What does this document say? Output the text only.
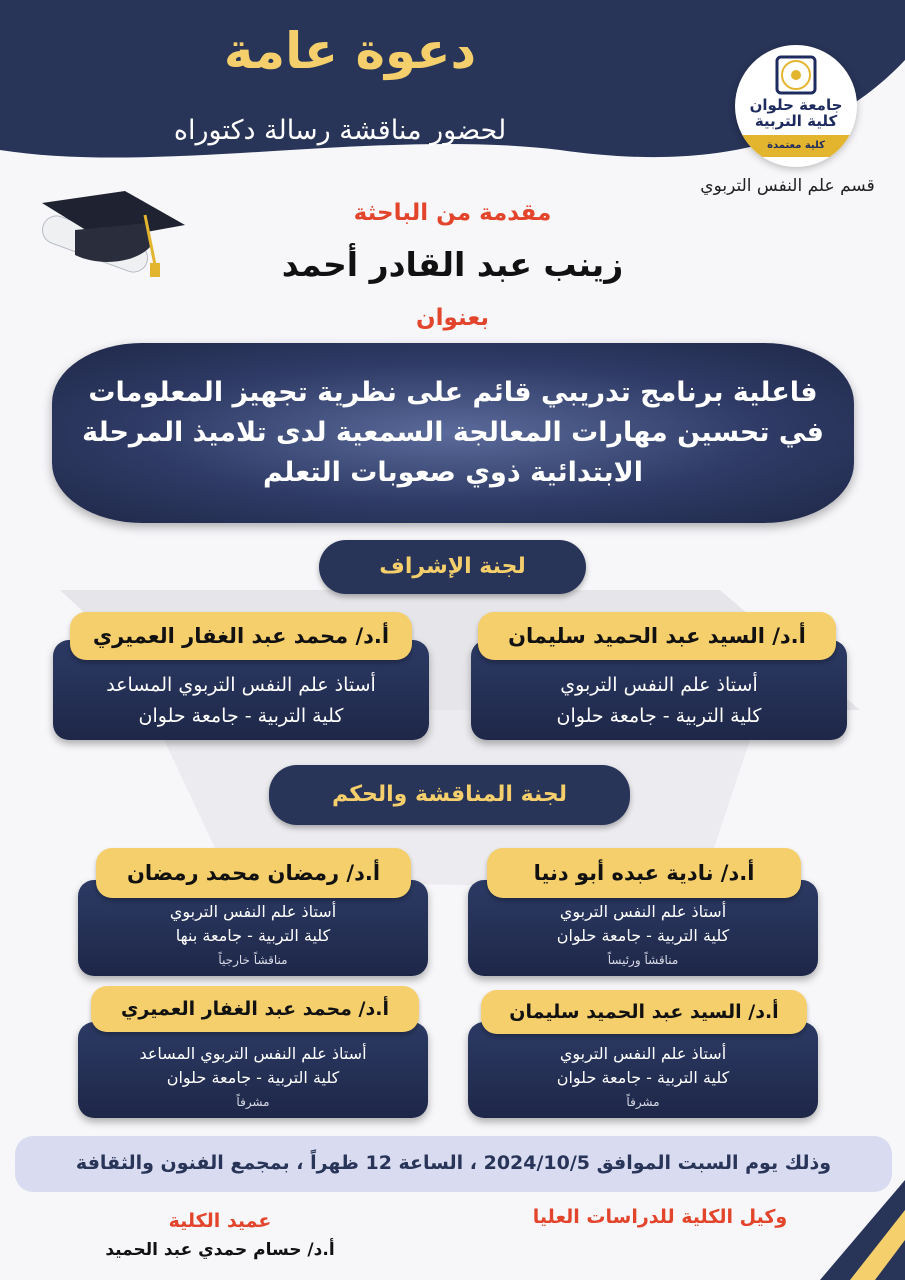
دعوة عامة
لحضور مناقشة رسالة دكتوراه
جامعة حلوان
كلية التربية
كلية معتمدة
قسم علم النفس التربوي
مقدمة من الباحثة
زينب عبد القادر أحمد
بعنوان
فاعلية برنامج تدريبي قائم على نظرية تجهيز المعلومات في تحسين مهارات المعالجة السمعية لدى تلاميذ المرحلة الابتدائية ذوي صعوبات التعلم
لجنة الإشراف
أستاذ علم النفس التربوي
كلية التربية - جامعة حلوان
أ.د/ السيد عبد الحميد سليمان
أستاذ علم النفس التربوي المساعد
كلية التربية - جامعة حلوان
أ.د/ محمد عبد الغفار العميري
لجنة المناقشة والحكم
أستاذ علم النفس التربوي
كلية التربية - جامعة حلوان
مناقشاً ورئيساً
أ.د/ نادية عبده أبو دنيا
أستاذ علم النفس التربوي
كلية التربية - جامعة بنها
مناقشاً خارجياً
أ.د/ رمضان محمد رمضان
أستاذ علم النفس التربوي
كلية التربية - جامعة حلوان
مشرفاً
أ.د/ السيد عبد الحميد سليمان
أستاذ علم النفس التربوي المساعد
كلية التربية - جامعة حلوان
مشرفاً
أ.د/ محمد عبد الغفار العميري
وذلك يوم السبت الموافق 2024/10/5 ، الساعة 12 ظهراً ، بمجمع الفنون والثقافة
وكيل الكلية للدراسات العليا
عميد الكلية
أ.د/ حسام حمدي عبد الحميد
